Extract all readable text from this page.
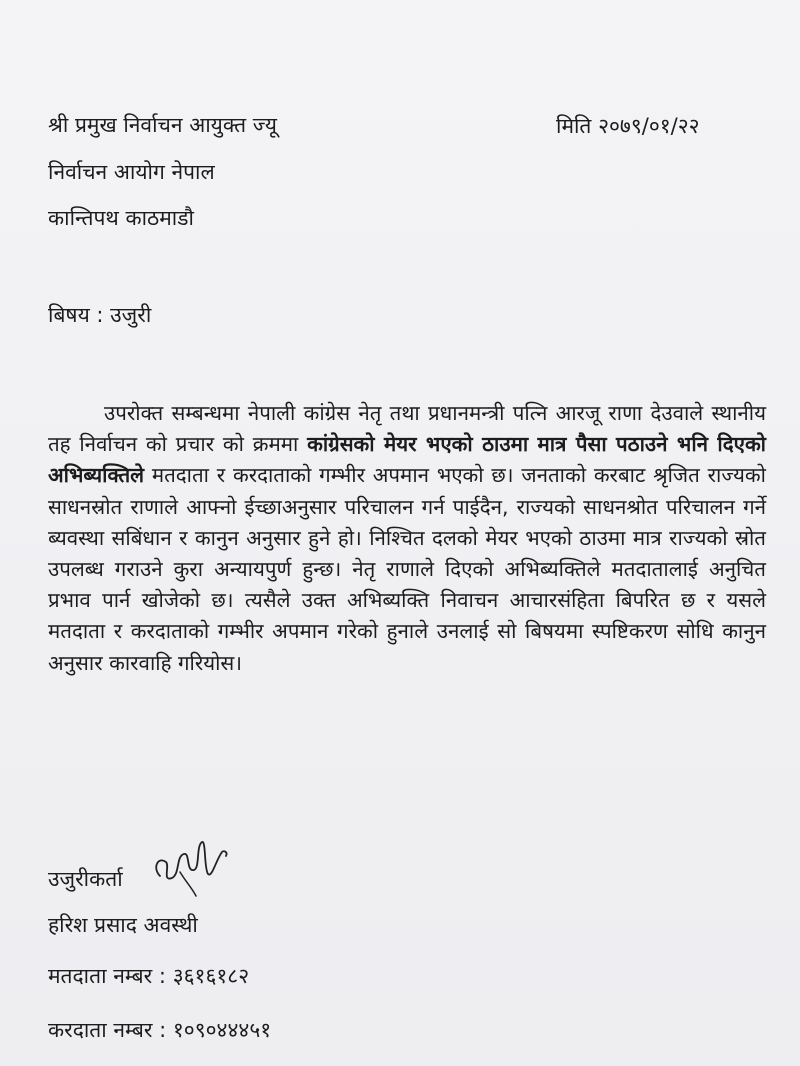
श्री प्रमुख निर्वाचन आयुक्त ज्यू	मिति २०७९/०१/२२
निर्वाचन आयोग नेपाल
कान्तिपथ काठमाडौ
बिषय : उजुरी
उपरोक्त सम्बन्धमा नेपाली कांग्रेस नेतृ तथा प्रधानमन्त्री पत्नि आरजू राणा देउवाले स्थानीय तह निर्वाचन को प्रचार को क्रममा कांग्रेसको मेयर भएको ठाउमा मात्र पैसा पठाउने भनि दिएको अभिब्यक्तिले मतदाता र करदाताको गम्भीर अपमान भएको छ। जनताको करबाट श्रृजित राज्यको साधनस्रोत राणाले आफ्नो ईच्छाअनुसार परिचालन गर्न पाईदैन, राज्यको साधनश्रोत परिचालन गर्ने ब्यवस्था सबिंधान र कानुन अनुसार हुने हो। निश्चित दलको मेयर भएको ठाउमा मात्र राज्यको स्रोत उपलब्ध गराउने कुरा अन्यायपुर्ण हुन्छ। नेतृ राणाले दिएको अभिब्यक्तिले मतदातालाई अनुचित प्रभाव पार्न खोजेको छ। त्यसैले उक्त अभिब्यक्ति निवाचन आचारसंहिता बिपरित छ र यसले मतदाता र करदाताको गम्भीर अपमान गरेको हुनाले उनलाई सो बिषयमा स्पष्टिकरण सोधि कानुन अनुसार कारवाहि गरियोस।
उजुरीकर्ता
हरिश प्रसाद अवस्थी
मतदाता नम्बर : ३६१६१८२
करदाता नम्बर : १०९०४४४५१
